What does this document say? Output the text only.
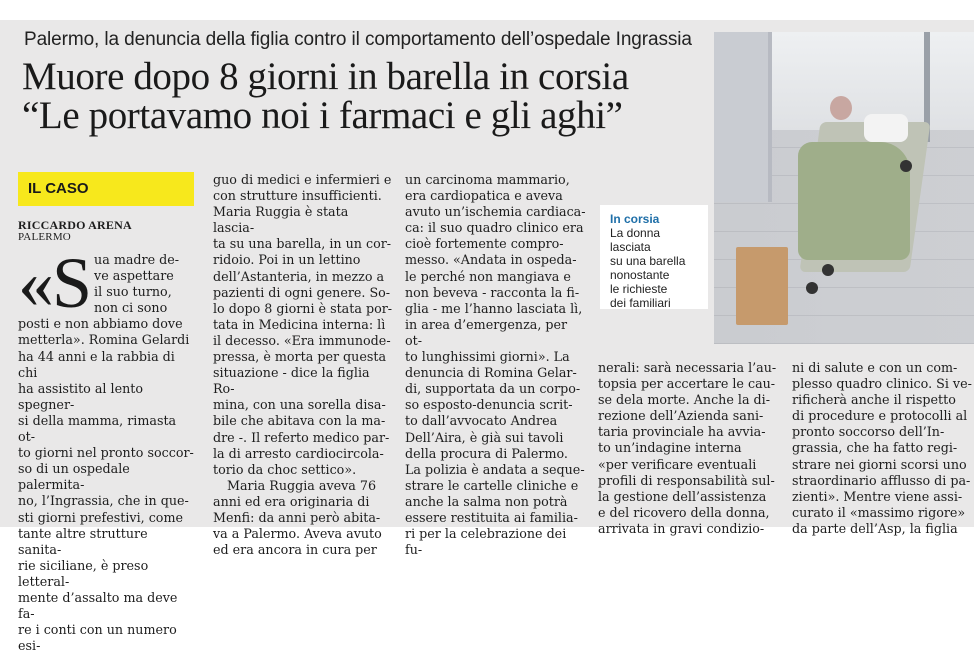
Palermo, la denuncia della figlia contro il comportamento dell’ospedale Ingrassia
Muore dopo 8 giorni in barella in corsia
“Le portavamo noi i farmaci e gli aghi”
IL CASO
RICCARDO ARENA
PALERMO
«S ua madre de-
ve aspettare
il suo turno,
non ci sono
posti e non abbiamo dove
metterla». Romina Gelardi
ha 44 anni e la rabbia di chi
ha assistito al lento spegner-
si della mamma, rimasta ot-
to giorni nel pronto soccor-
so di un ospedale palermita-
no, l’Ingrassia, che in que-
sti giorni prefestivi, come
tante altre strutture sanita-
rie siciliane, è preso letteral-
mente d’assalto ma deve fa-
re i conti con un numero esi-
guo di medici e infermieri e
con strutture insufficienti.
Maria Ruggia è stata lascia-
ta su una barella, in un cor-
ridoio. Poi in un lettino
dell’Astanteria, in mezzo a
pazienti di ogni genere. So-
lo dopo 8 giorni è stata por-
tata in Medicina interna: lì
il decesso. «Era immunode-
pressa, è morta per questa
situazione - dice la figlia Ro-
mina, con una sorella disa-
bile che abitava con la ma-
dre -. Il referto medico par-
la di arresto cardiocircola-
torio da choc settico».
Maria Ruggia aveva 76
anni ed era originaria di
Menfi: da anni però abita-
va a Palermo. Aveva avuto
ed era ancora in cura per
un carcinoma mammario,
era cardiopatica e aveva
avuto un’ischemia cardiaca-
ca: il suo quadro clinico era
cioè fortemente compro-
messo. «Andata in ospeda-
le perché non mangiava e
non beveva - racconta la fi-
glia - me l’hanno lasciata lì,
in area d’emergenza, per ot-
to lunghissimi giorni». La
denuncia di Romina Gelar-
di, supportata da un corpo-
so esposto-denuncia scrit-
to dall’avvocato Andrea
Dell’Aira, è già sui tavoli
della procura di Palermo.
La polizia è andata a seque-
strare le cartelle cliniche e
anche la salma non potrà
essere restituita ai familia-
ri per la celebrazione dei fu-
nerali: sarà necessaria l’au-
topsia per accertare le cau-
se dela morte. Anche la di-
rezione dell’Azienda sani-
taria provinciale ha avvia-
to un’indagine interna
«per verificare eventuali
profili di responsabilità sul-
la gestione dell’assistenza
e del ricovero della donna,
arrivata in gravi condizio-
ni di salute e con un com-
plesso quadro clinico. Si ve-
rificherà anche il rispetto
di procedure e protocolli al
pronto soccorso dell’In-
grassia, che ha fatto regi-
strare nei giorni scorsi uno
straordinario afflusso di pa-
zienti». Mentre viene assi-
curato il «massimo rigore»
da parte dell’Asp, la figlia
In corsia
La donna
lasciata
su una barella
nonostante
le richieste
dei familiari
